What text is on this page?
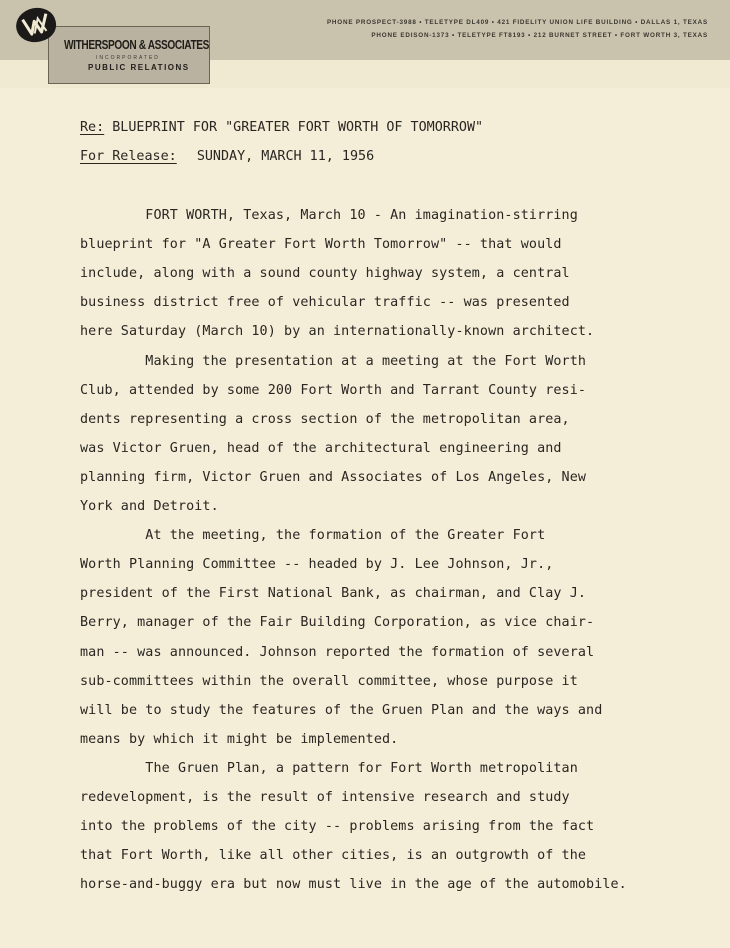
WITHERSPOON & ASSOCIATES
INCORPORATED
PUBLIC RELATIONS
PHONE PROSPECT-3988 • TELETYPE DL409 • 421 FIDELITY UNION LIFE BUILDING • DALLAS 1, TEXAS
PHONE EDISON-1373 • TELETYPE FT8193 • 212 BURNET STREET • FORT WORTH 3, TEXAS
Re: BLUEPRINT FOR "GREATER FORT WORTH OF TOMORROW"
For Release: SUNDAY, MARCH 11, 1956
FORT WORTH, Texas, March 10 - An imagination-stirring
blueprint for "A Greater Fort Worth Tomorrow" -- that would
include, along with a sound county highway system, a central
business district free of vehicular traffic -- was presented
here Saturday (March 10) by an internationally-known architect.
Making the presentation at a meeting at the Fort Worth
Club, attended by some 200 Fort Worth and Tarrant County resi-
dents representing a cross section of the metropolitan area,
was Victor Gruen, head of the architectural engineering and
planning firm, Victor Gruen and Associates of Los Angeles, New
York and Detroit.
At the meeting, the formation of the Greater Fort
Worth Planning Committee -- headed by J. Lee Johnson, Jr.,
president of the First National Bank, as chairman, and Clay J.
Berry, manager of the Fair Building Corporation, as vice chair-
man -- was announced. Johnson reported the formation of several
sub-committees within the overall committee, whose purpose it
will be to study the features of the Gruen Plan and the ways and
means by which it might be implemented.
The Gruen Plan, a pattern for Fort Worth metropolitan
redevelopment, is the result of intensive research and study
into the problems of the city -- problems arising from the fact
that Fort Worth, like all other cities, is an outgrowth of the
horse-and-buggy era but now must live in the age of the automobile.
